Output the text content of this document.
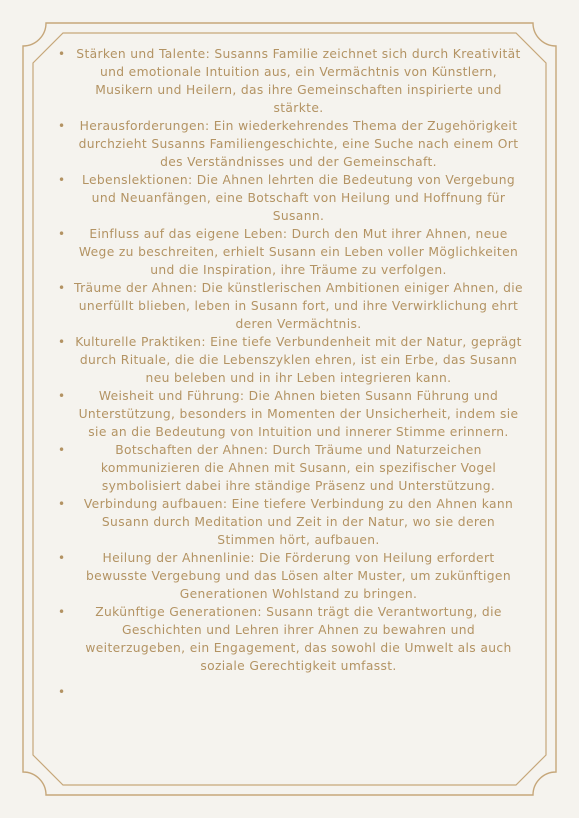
• Stärken und Talente: Susanns Familie zeichnet sich durch Kreativität und emotionale Intuition aus, ein Vermächtnis von Künstlern, Musikern und Heilern, das ihre Gemeinschaften inspirierte und stärkte.
•	Herausforderungen: Ein wiederkehrendes Thema der Zugehörigkeit durchzieht Susanns Familiengeschichte, eine Suche nach einem Ort des Verständnisses und der Gemeinschaft.
•	Lebenslektionen: Die Ahnen lehrten die Bedeutung von Vergebung und Neuanfängen, eine Botschaft von Heilung und Hoffnung für Susann.
•	Einfluss auf das eigene Leben: Durch den Mut ihrer Ahnen, neue Wege zu beschreiten, erhielt Susann ein Leben voller Möglichkeiten und die Inspiration, ihre Träume zu verfolgen.
• Träume der Ahnen: Die künstlerischen Ambitionen einiger Ahnen, die unerfüllt blieben, leben in Susann fort, und ihre Verwirklichung ehrt deren Vermächtnis.
• Kulturelle Praktiken: Eine tiefe Verbundenheit mit der Natur, geprägt durch Rituale, die die Lebenszyklen ehren, ist ein Erbe, das Susann neu beleben und in ihr Leben integrieren kann.
•	Weisheit und Führung: Die Ahnen bieten Susann Führung und Unterstützung, besonders in Momenten der Unsicherheit, indem sie sie an die Bedeutung von Intuition und innerer Stimme erinnern.
•	Botschaften der Ahnen: Durch Träume und Naturzeichen kommunizieren die Ahnen mit Susann, ein spezifischer Vogel symbolisiert dabei ihre ständige Präsenz und Unterstützung.
•	Verbindung aufbauen: Eine tiefere Verbindung zu den Ahnen kann Susann durch Meditation und Zeit in der Natur, wo sie deren Stimmen hört, aufbauen.
•	Heilung der Ahnenlinie: Die Förderung von Heilung erfordert bewusste Vergebung und das Lösen alter Muster, um zukünftigen Generationen Wohlstand zu bringen.
•	Zukünftige Generationen: Susann trägt die Verantwortung, die Geschichten und Lehren ihrer Ahnen zu bewahren und weiterzugeben, ein Engagement, das sowohl die Umwelt als auch soziale Gerechtigkeit umfasst.
•
